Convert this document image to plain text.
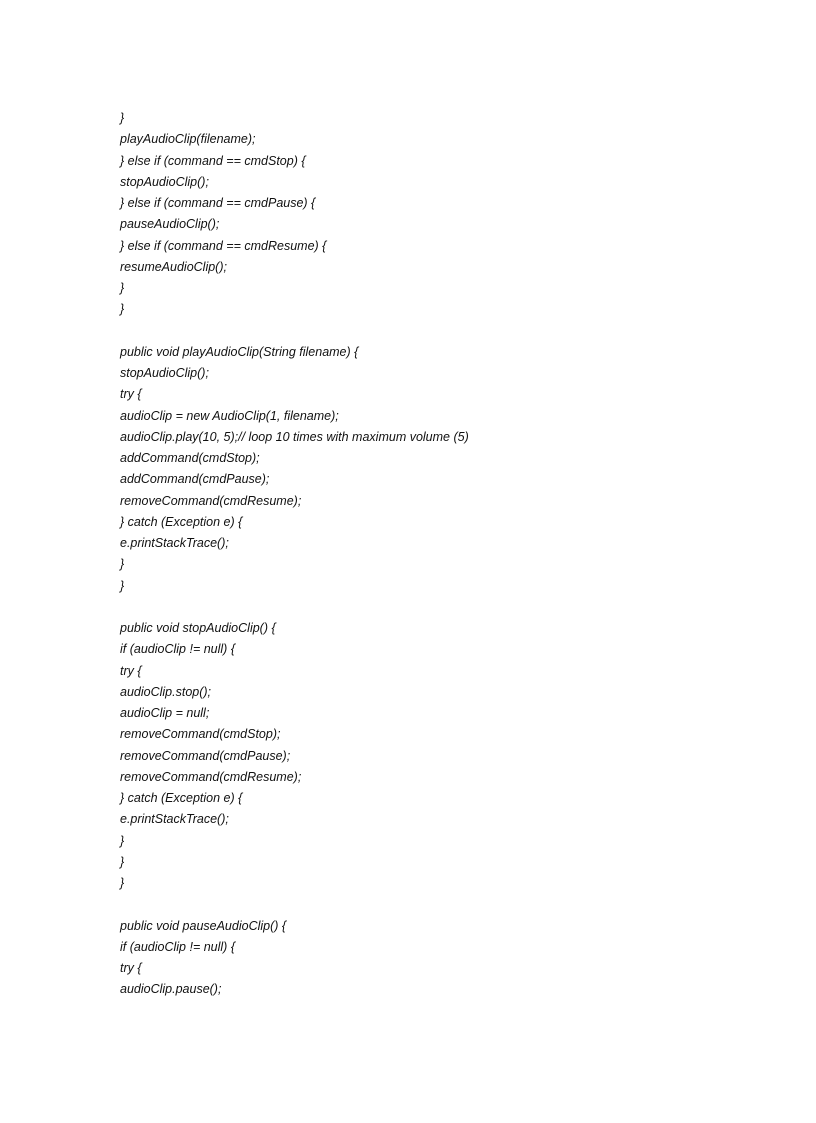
}
playAudioClip(filename);
} else if (command == cmdStop) {
stopAudioClip();
} else if (command == cmdPause) {
pauseAudioClip();
} else if (command == cmdResume) {
resumeAudioClip();
}
}
public void playAudioClip(String filename) {
stopAudioClip();
try {
audioClip = new AudioClip(1, filename);
audioClip.play(10, 5);// loop 10 times with maximum volume (5)
addCommand(cmdStop);
addCommand(cmdPause);
removeCommand(cmdResume);
} catch (Exception e) {
e.printStackTrace();
}
}
public void stopAudioClip() {
if (audioClip != null) {
try {
audioClip.stop();
audioClip = null;
removeCommand(cmdStop);
removeCommand(cmdPause);
removeCommand(cmdResume);
} catch (Exception e) {
e.printStackTrace();
}
}
}
public void pauseAudioClip() {
if (audioClip != null) {
try {
audioClip.pause();
